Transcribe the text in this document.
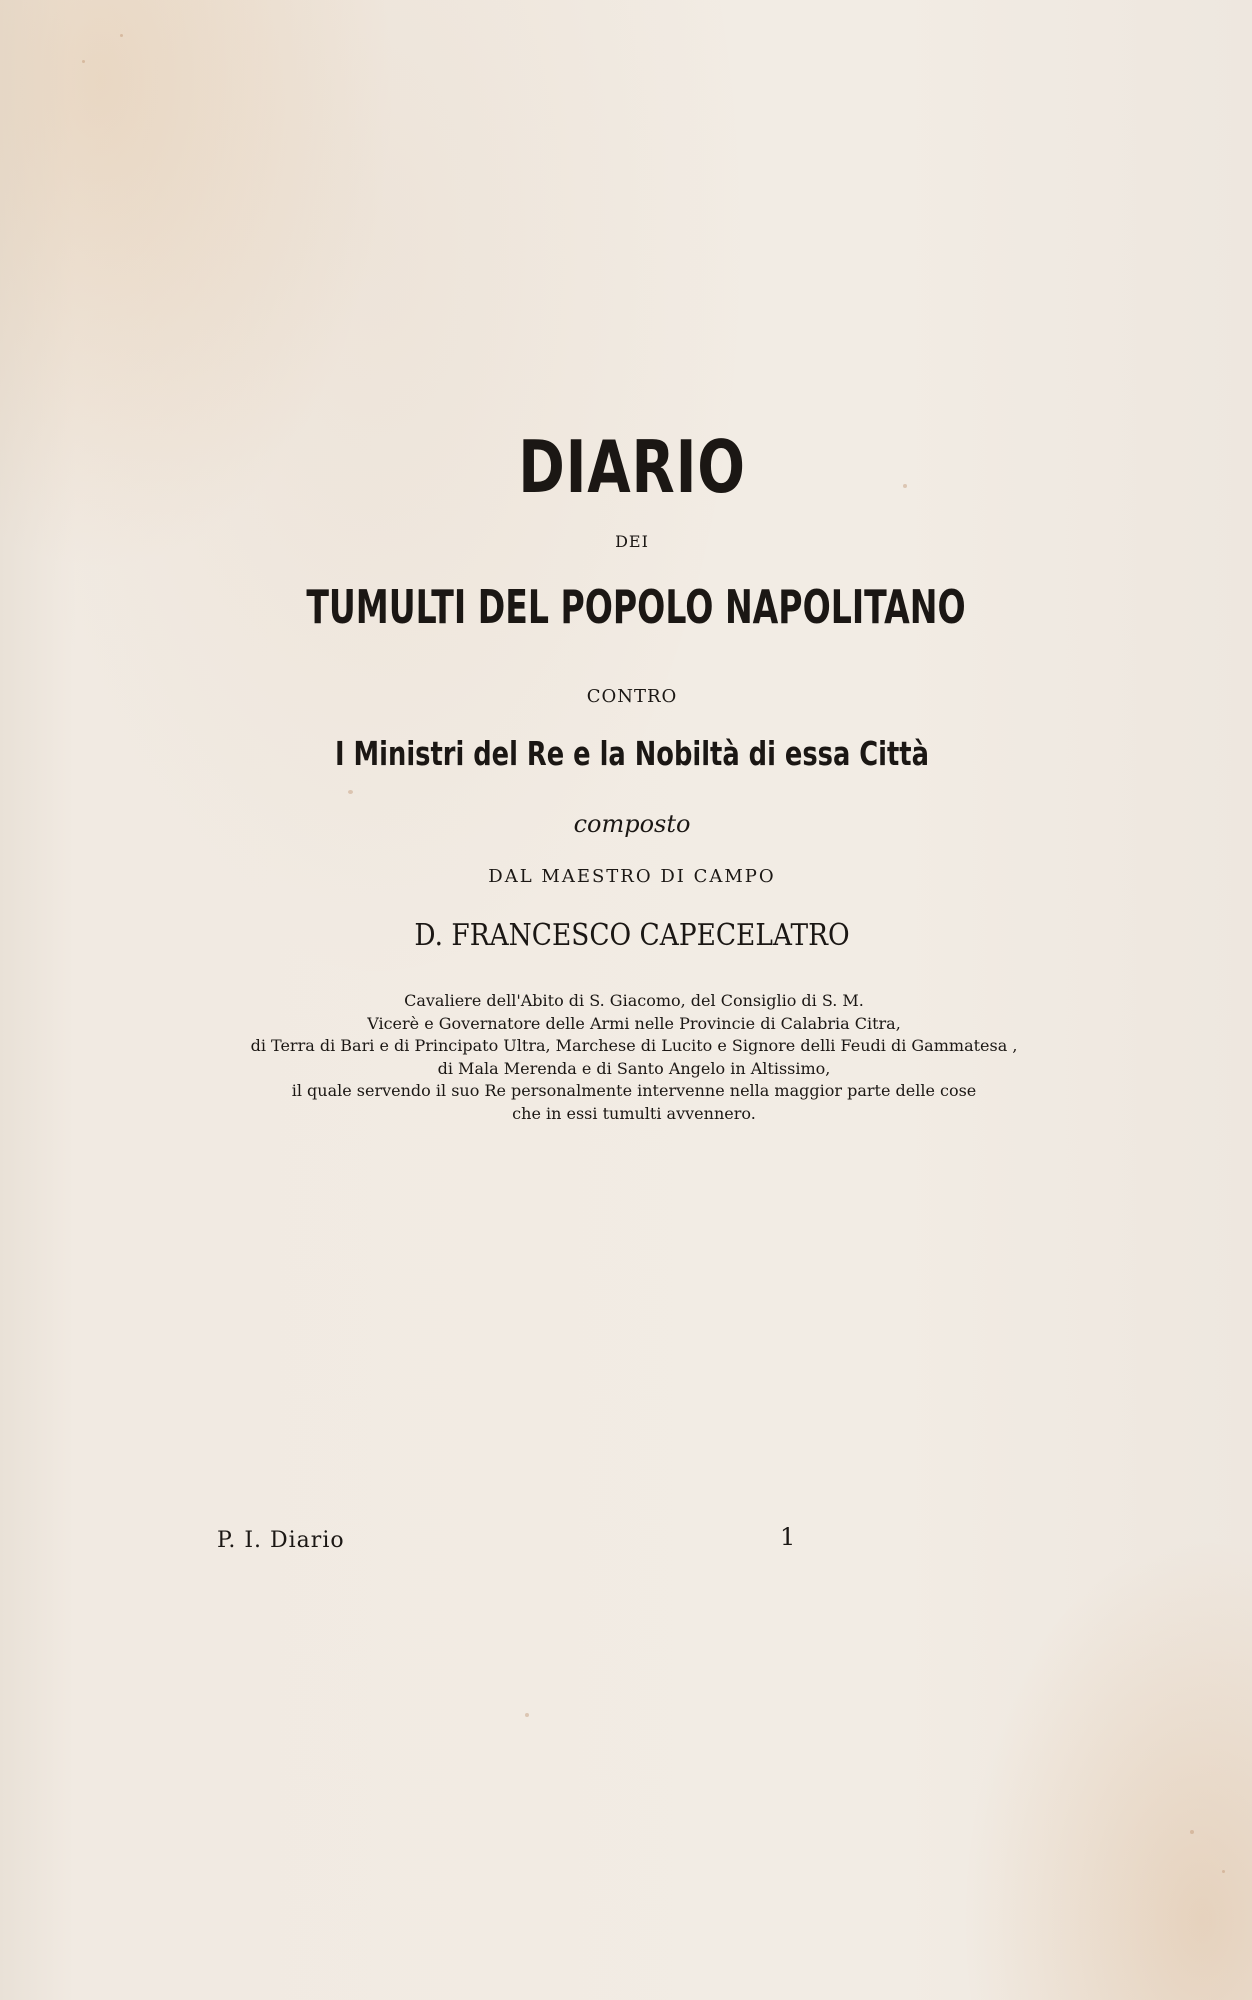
DIARIO
DEI
TUMULTI DEL POPOLO NAPOLITANO
CONTRO
I Ministri del Re e la Nobiltà di essa Città
composto
DAL MAESTRO DI CAMPO
D. FRANCESCO CAPECELATRO
Cavaliere dell'Abito di S. Giacomo, del Consiglio di S. M.
Vicerè e Governatore delle Armi nelle Provincie di Calabria Citra,
di Terra di Bari e di Principato Ultra, Marchese di Lucito e Signore delli Feudi di Gammatesa ,
di Mala Merenda e di Santo Angelo in Altissimo,
il quale servendo il suo Re personalmente intervenne nella maggior parte delle cose
che in essi tumulti avvennero.
P. I. Diario	1
